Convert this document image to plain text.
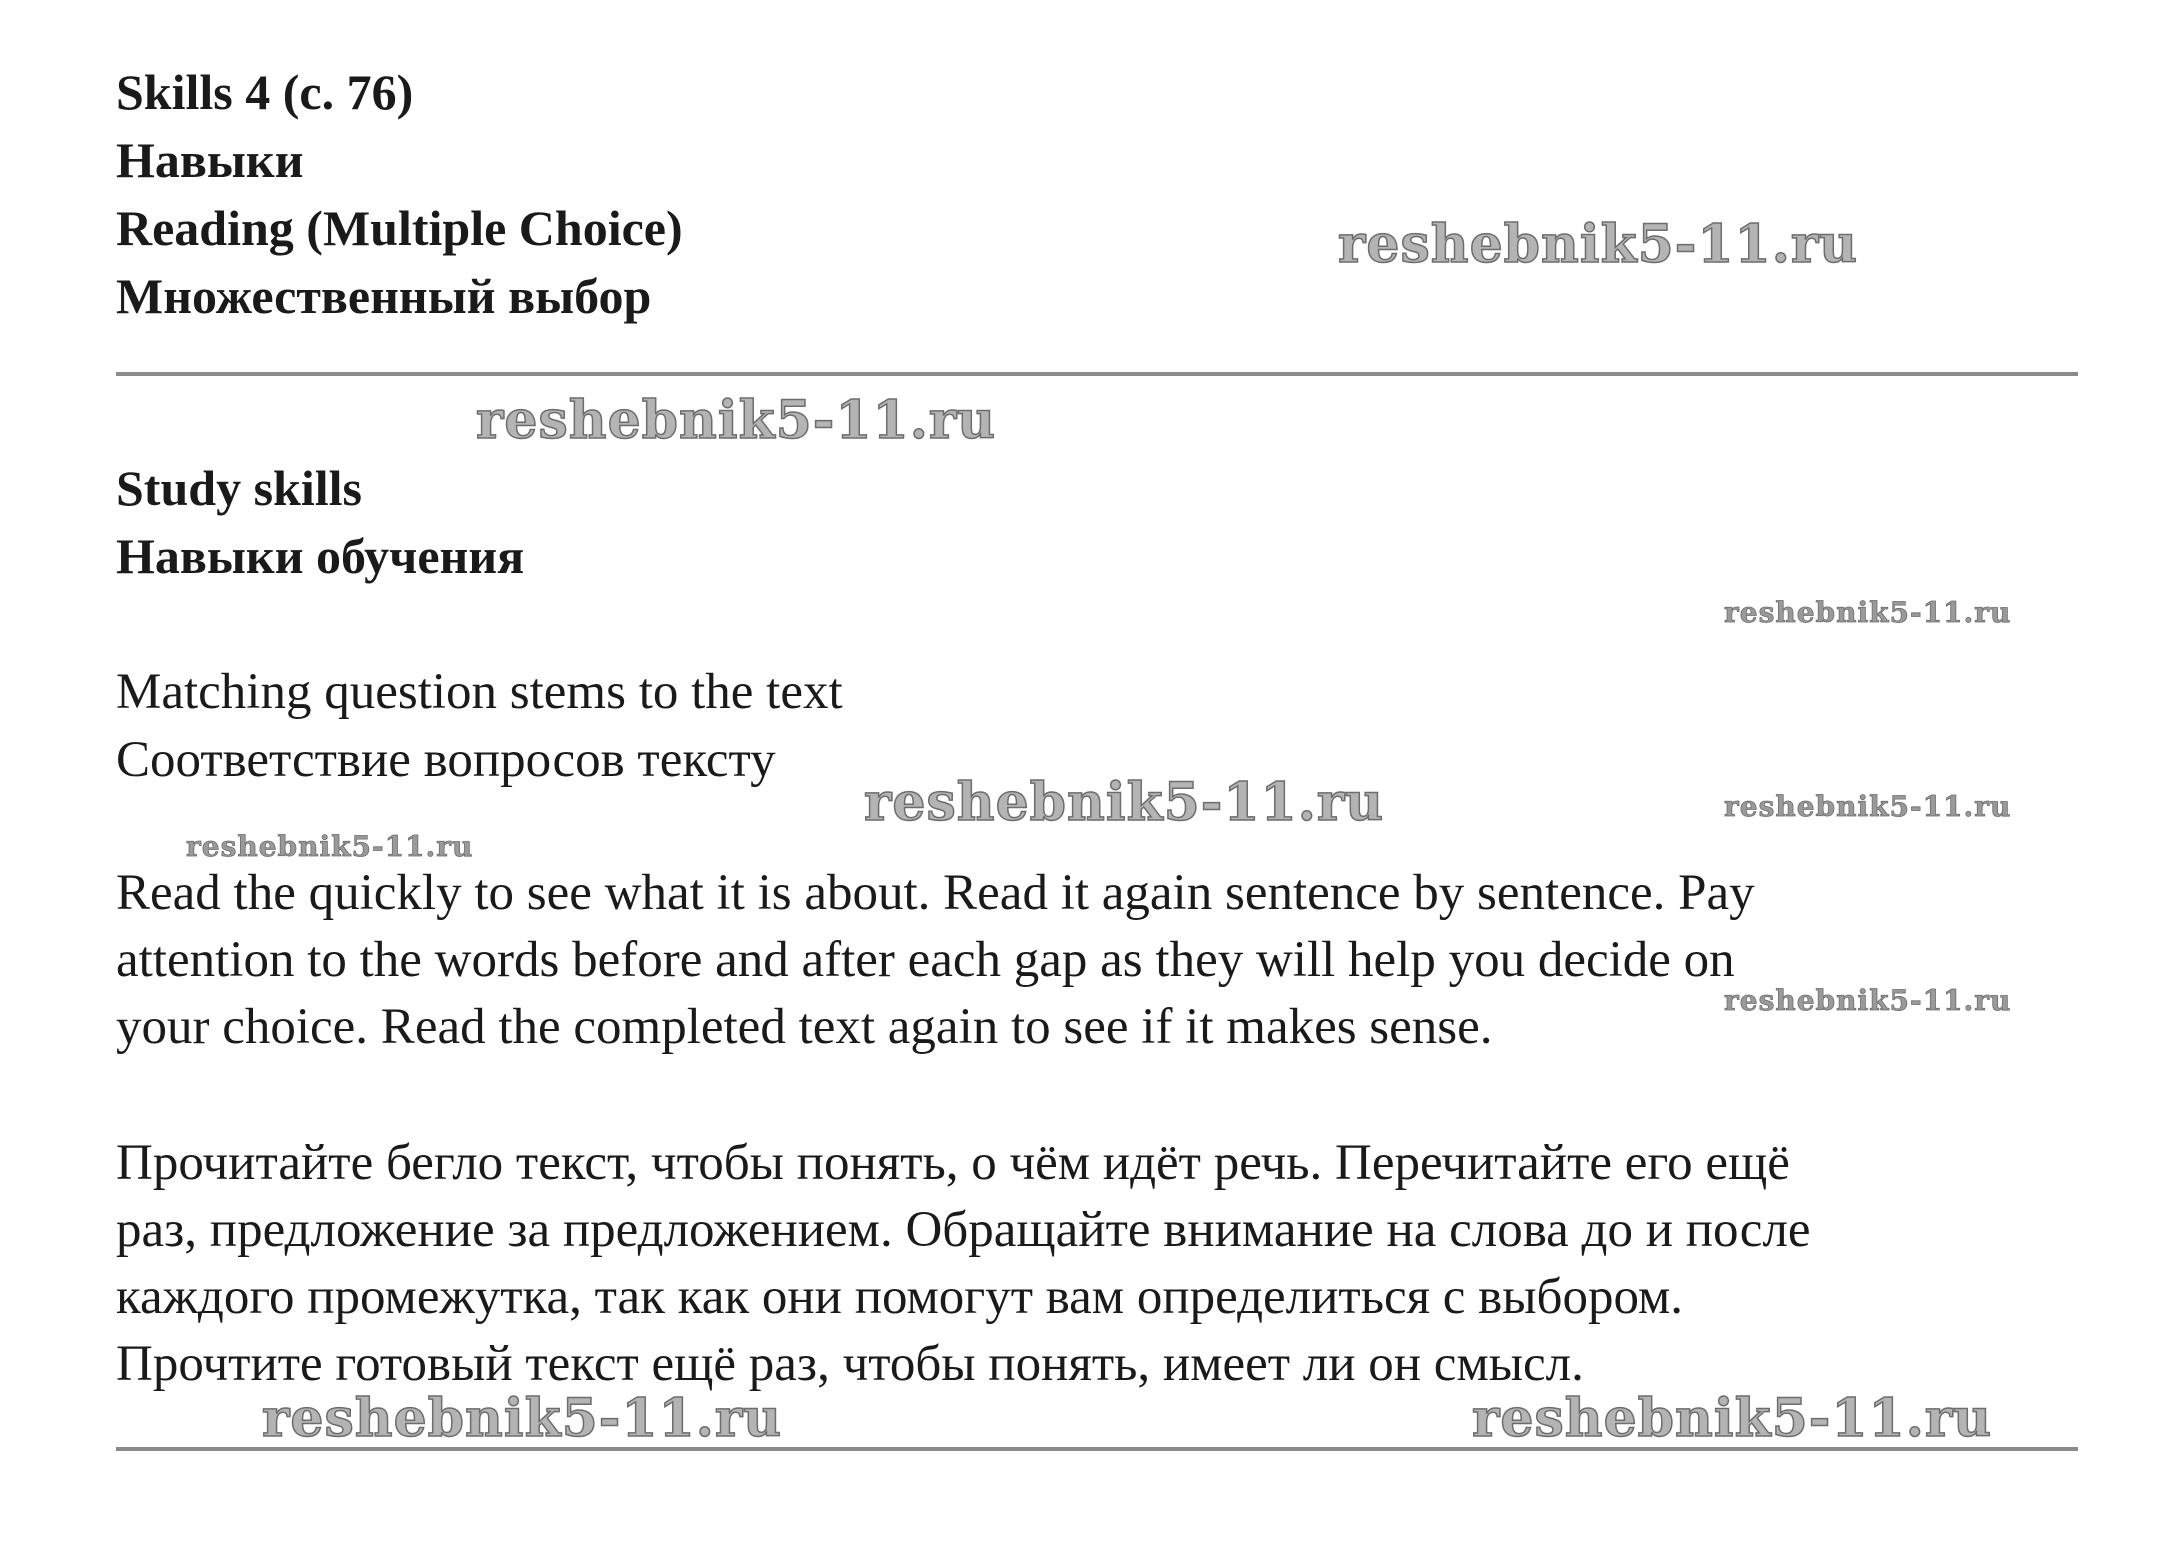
Skills 4 (с. 76)
Навыки
Reading (Multiple Choice)
Множественный выбор
Study skills
Навыки обучения
Matching question stems to the text
Соответствие вопросов тексту
Read the quickly to see what it is about. Read it again sentence by sentence. Pay
attention to the words before and after each gap as they will help you decide on
your choice. Read the completed text again to see if it makes sense.
Прочитайте бегло текст, чтобы понять, о чём идёт речь. Перечитайте его ещё
раз, предложение за предложением. Обращайте внимание на слова до и после
каждого промежутка, так как они помогут вам определиться с выбором.
Прочтите готовый текст ещё раз, чтобы понять, имеет ли он смысл.
reshebnik5-11.ru
reshebnik5-11.ru
reshebnik5-11.ru
reshebnik5-11.ru	reshebnik5-11.ru
reshebnik5-11.ru
reshebnik5-11.ru
reshebnik5-11.ru	reshebnik5-11.ru
